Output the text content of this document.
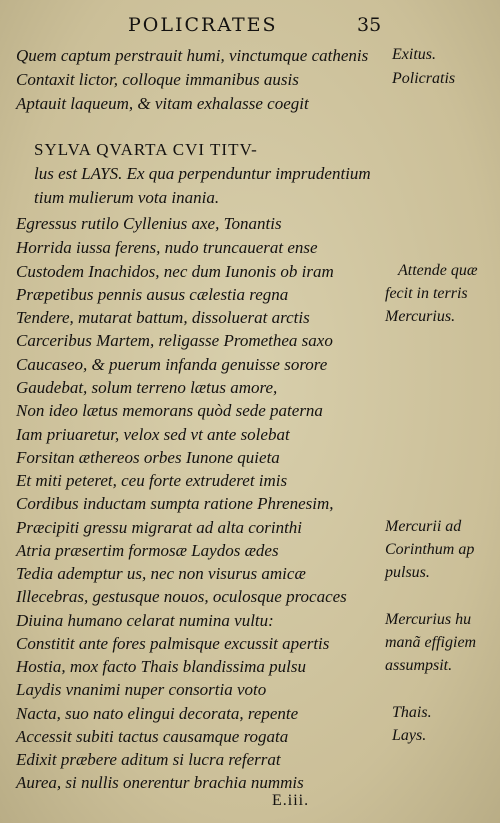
POLICRATES	35
Quem captum perstrauit humi, vinctumque cathenis
Contaxit lictor, colloque immanibus ausis
Aptauit laqueum, & vitam exhalasse coegit
SYLVA QVARTA CVI TITV-
lus est LAYS. Ex qua perpenduntur imprudentium
tium mulierum vota inania.
Egressus rutilo Cyllenius axe, Tonantis
Horrida iussa ferens, nudo truncauerat ense
Custodem Inachidos, nec dum Iunonis ob iram
Præpetibus pennis ausus cælestia regna
Tendere, mutarat battum, dissoluerat arctis
Carceribus Martem, religasse Promethea saxo
Caucaseo, & puerum infanda genuisse sorore
Gaudebat, solum terreno lætus amore,
Non ideo lætus memorans quòd sede paterna
Iam priuaretur, velox sed vt ante solebat
Forsitan æthereos orbes Iunone quieta
Et miti peteret, ceu forte extruderet imis
Cordibus inductam sumpta ratione Phrenesim,
Præcipiti gressu migrarat ad alta corinthi
Atria præsertim formosæ Laydos ædes
Tedia ademptur us, nec non visurus amicæ
Illecebras, gestusque nouos, oculosque procaces
Diuina humano celarat numina vultu:
Constitit ante fores palmisque excussit apertis
Hostia, mox facto Thais blandissima pulsu
Laydis vnanimi nuper consortia voto
Nacta, suo nato elingui decorata, repente
Accessit subiti tactus causamque rogata
Edixit præbere aditum si lucra referrat
Aurea, si nullis onerentur brachia nummis
Exitus.
Policratis
Attende quæ
fecit in terris
Mercurius.
Mercurii ad
Corinthum ap
pulsus.
Mercurius hu
manã effigiem
assumpsit.
Thais.
Lays.
E.iii.
